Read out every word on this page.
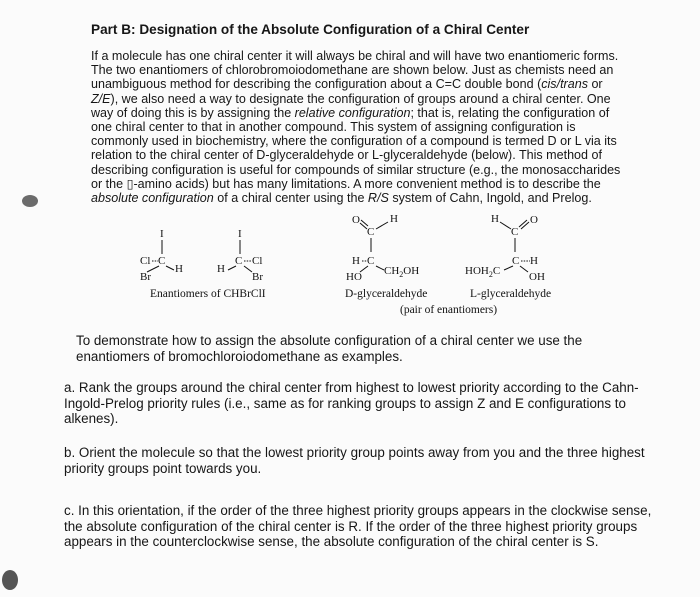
Part B: Designation of the Absolute Configuration of a Chiral Center

If a molecule has one chiral center it will always be chiral and will have two enantiomeric forms. The two enantiomers of chlorobromoiodomethane are shown below. Just as chemists need an unambiguous method for describing the configuration about a C=C double bond (cis/trans or Z/E), we also need a way to designate the configuration of groups around a chiral center. One way of doing this is by assigning the relative configuration; that is, relating the configuration of one chiral center to that in another compound. This system of assigning configuration is commonly used in biochemistry, where the configuration of a compound is termed D or L via its relation to the chiral center of D-glyceraldehyde or L-glyceraldehyde (below). This method of describing configuration is useful for compounds of similar structure (e.g., the monosaccharides or the ▯-amino acids) but has many limitations. A more convenient method is to describe the absolute configuration of a chiral center using the R/S system of Cahn, Ingold, and Prelog.

I
Cl C
Br
H
I
C Cl
H
Br
Enantiomers of CHBrClI
O
C
H
H C
HO $CH_2OH$
D-glyceraldehyde
H
C
O
C H
$HOH_2C$	OH
L-glyceraldehyde
(pair of enantiomers)

To demonstrate how to assign the absolute configuration of a chiral center we use the enantiomers of bromochloroiodomethane as examples.

a. Rank the groups around the chiral center from highest to lowest priority according to the Cahn-Ingold-Prelog priority rules (i.e., same as for ranking groups to assign Z and E configurations to alkenes).

b. Orient the molecule so that the lowest priority group points away from you and the three highest priority groups point towards you.

c. In this orientation, if the order of the three highest priority groups appears in the clockwise sense, the absolute configuration of the chiral center is R. If the order of the three highest priority groups appears in the counterclockwise sense, the absolute configuration of the chiral center is S.
